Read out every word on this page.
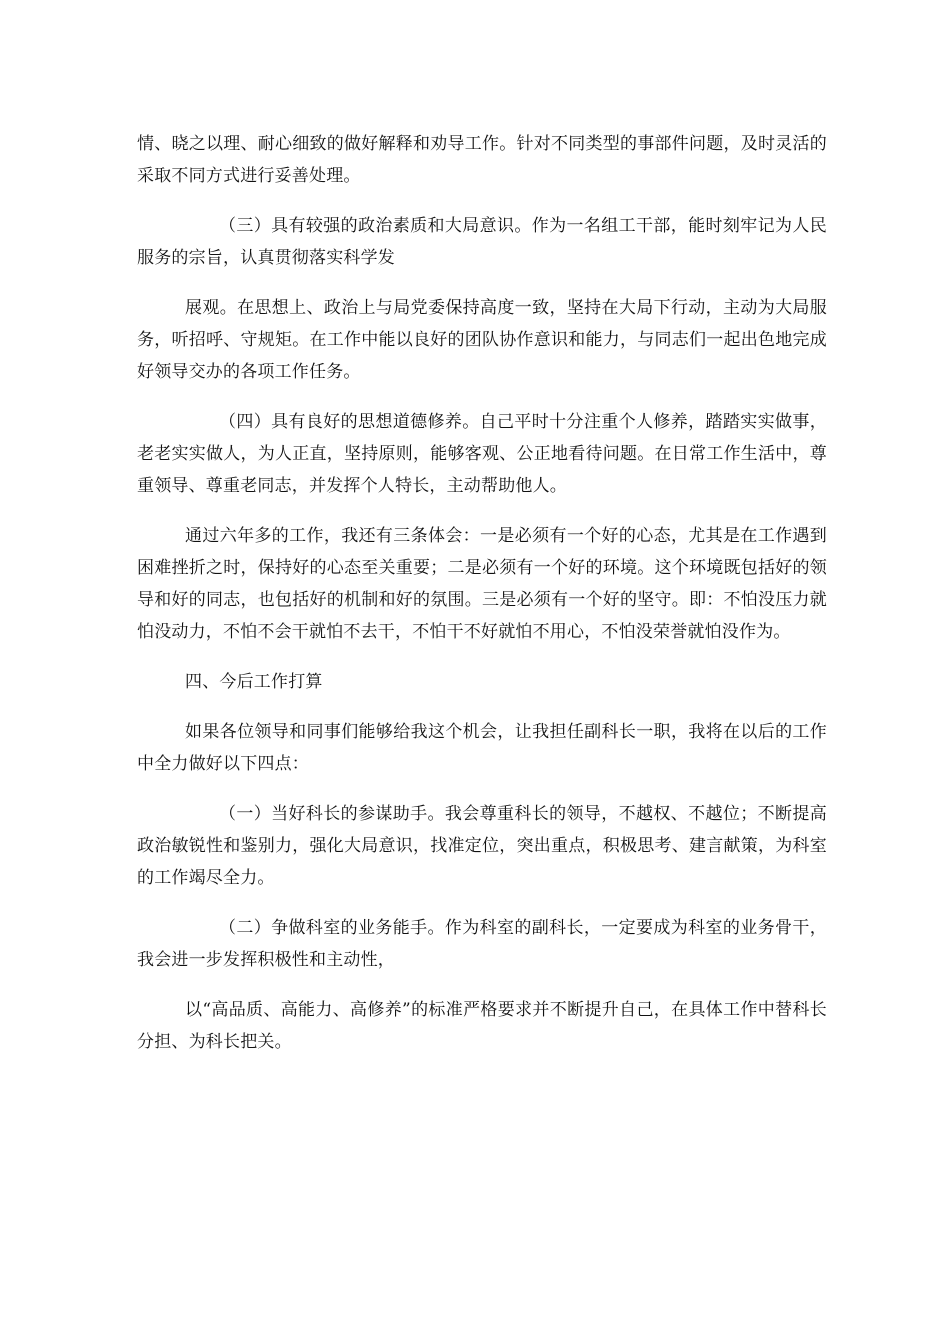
情、晓之以理、耐心细致的做好解释和劝导工作。针对不同类型的事部件问题，及时灵活的采取不同方式进行妥善处理。

（三）具有较强的政治素质和大局意识。作为一名组工干部，能时刻牢记为人民服务的宗旨，认真贯彻落实科学发

展观。在思想上、政治上与局党委保持高度一致，坚持在大局下行动，主动为大局服务，听招呼、守规矩。在工作中能以良好的团队协作意识和能力，与同志们一起出色地完成好领导交办的各项工作任务。

（四）具有良好的思想道德修养。自己平时十分注重个人修养，踏踏实实做事，老老实实做人，为人正直，坚持原则，能够客观、公正地看待问题。在日常工作生活中，尊重领导、尊重老同志，并发挥个人特长，主动帮助他人。

通过六年多的工作，我还有三条体会：一是必须有一个好的心态，尤其是在工作遇到困难挫折之时，保持好的心态至关重要；二是必须有一个好的环境。这个环境既包括好的领导和好的同志，也包括好的机制和好的氛围。三是必须有一个好的坚守。即：不怕没压力就怕没动力，不怕不会干就怕不去干，不怕干不好就怕不用心，不怕没荣誉就怕没作为。

四、今后工作打算

如果各位领导和同事们能够给我这个机会，让我担任副科长一职，我将在以后的工作中全力做好以下四点：

（一）当好科长的参谋助手。我会尊重科长的领导，不越权、不越位；不断提高政治敏锐性和鉴别力，强化大局意识，找准定位，突出重点，积极思考、建言献策，为科室的工作竭尽全力。

（二）争做科室的业务能手。作为科室的副科长，一定要成为科室的业务骨干，我会进一步发挥积极性和主动性，

以“高品质、高能力、高修养”的标准严格要求并不断提升自己，在具体工作中替科长分担、为科长把关。
